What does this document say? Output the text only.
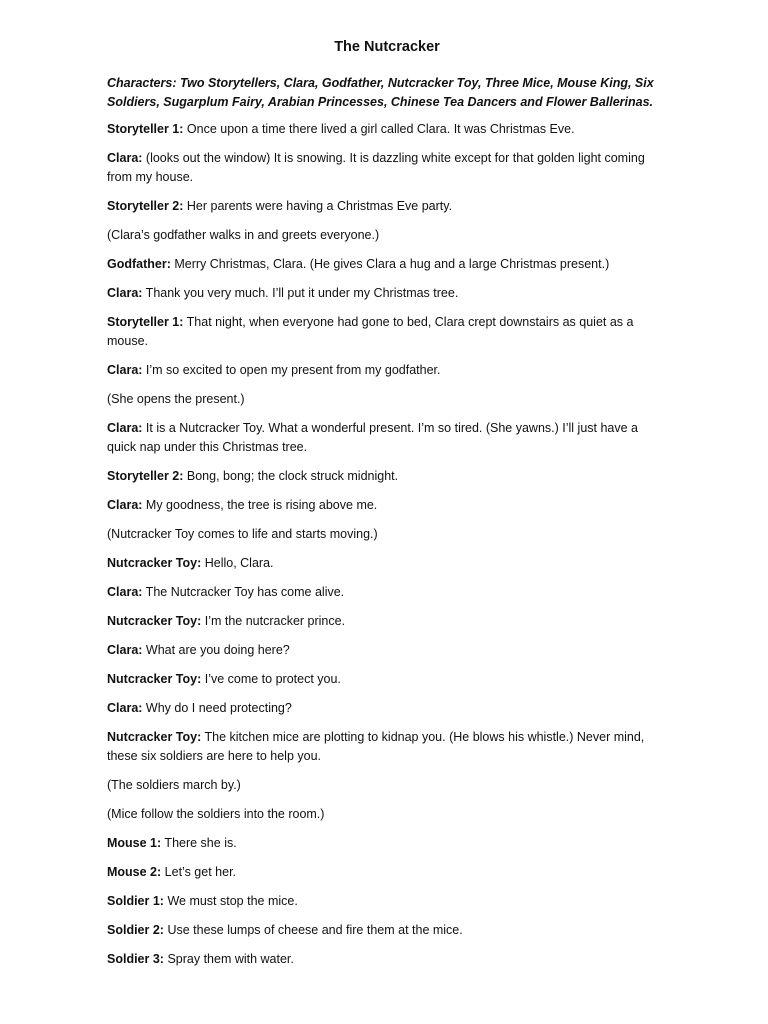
The Nutcracker
Characters: Two Storytellers, Clara, Godfather, Nutcracker Toy, Three Mice, Mouse King, Six Soldiers, Sugarplum Fairy, Arabian Princesses, Chinese Tea Dancers and Flower Ballerinas.
Storyteller 1: Once upon a time there lived a girl called Clara. It was Christmas Eve.
Clara: (looks out the window) It is snowing. It is dazzling white except for that golden light coming from my house.
Storyteller 2: Her parents were having a Christmas Eve party.
(Clara’s godfather walks in and greets everyone.)
Godfather: Merry Christmas, Clara. (He gives Clara a hug and a large Christmas present.)
Clara: Thank you very much. I’ll put it under my Christmas tree.
Storyteller 1: That night, when everyone had gone to bed, Clara crept downstairs as quiet as a mouse.
Clara: I’m so excited to open my present from my godfather.
(She opens the present.)
Clara: It is a Nutcracker Toy. What a wonderful present. I’m so tired. (She yawns.) I’ll just have a quick nap under this Christmas tree.
Storyteller 2: Bong, bong; the clock struck midnight.
Clara: My goodness, the tree is rising above me.
(Nutcracker Toy comes to life and starts moving.)
Nutcracker Toy: Hello, Clara.
Clara: The Nutcracker Toy has come alive.
Nutcracker Toy: I’m the nutcracker prince.
Clara: What are you doing here?
Nutcracker Toy: I’ve come to protect you.
Clara: Why do I need protecting?
Nutcracker Toy: The kitchen mice are plotting to kidnap you. (He blows his whistle.) Never mind, these six soldiers are here to help you.
(The soldiers march by.)
(Mice follow the soldiers into the room.)
Mouse 1: There she is.
Mouse 2: Let’s get her.
Soldier 1: We must stop the mice.
Soldier 2: Use these lumps of cheese and fire them at the mice.
Soldier 3: Spray them with water.
